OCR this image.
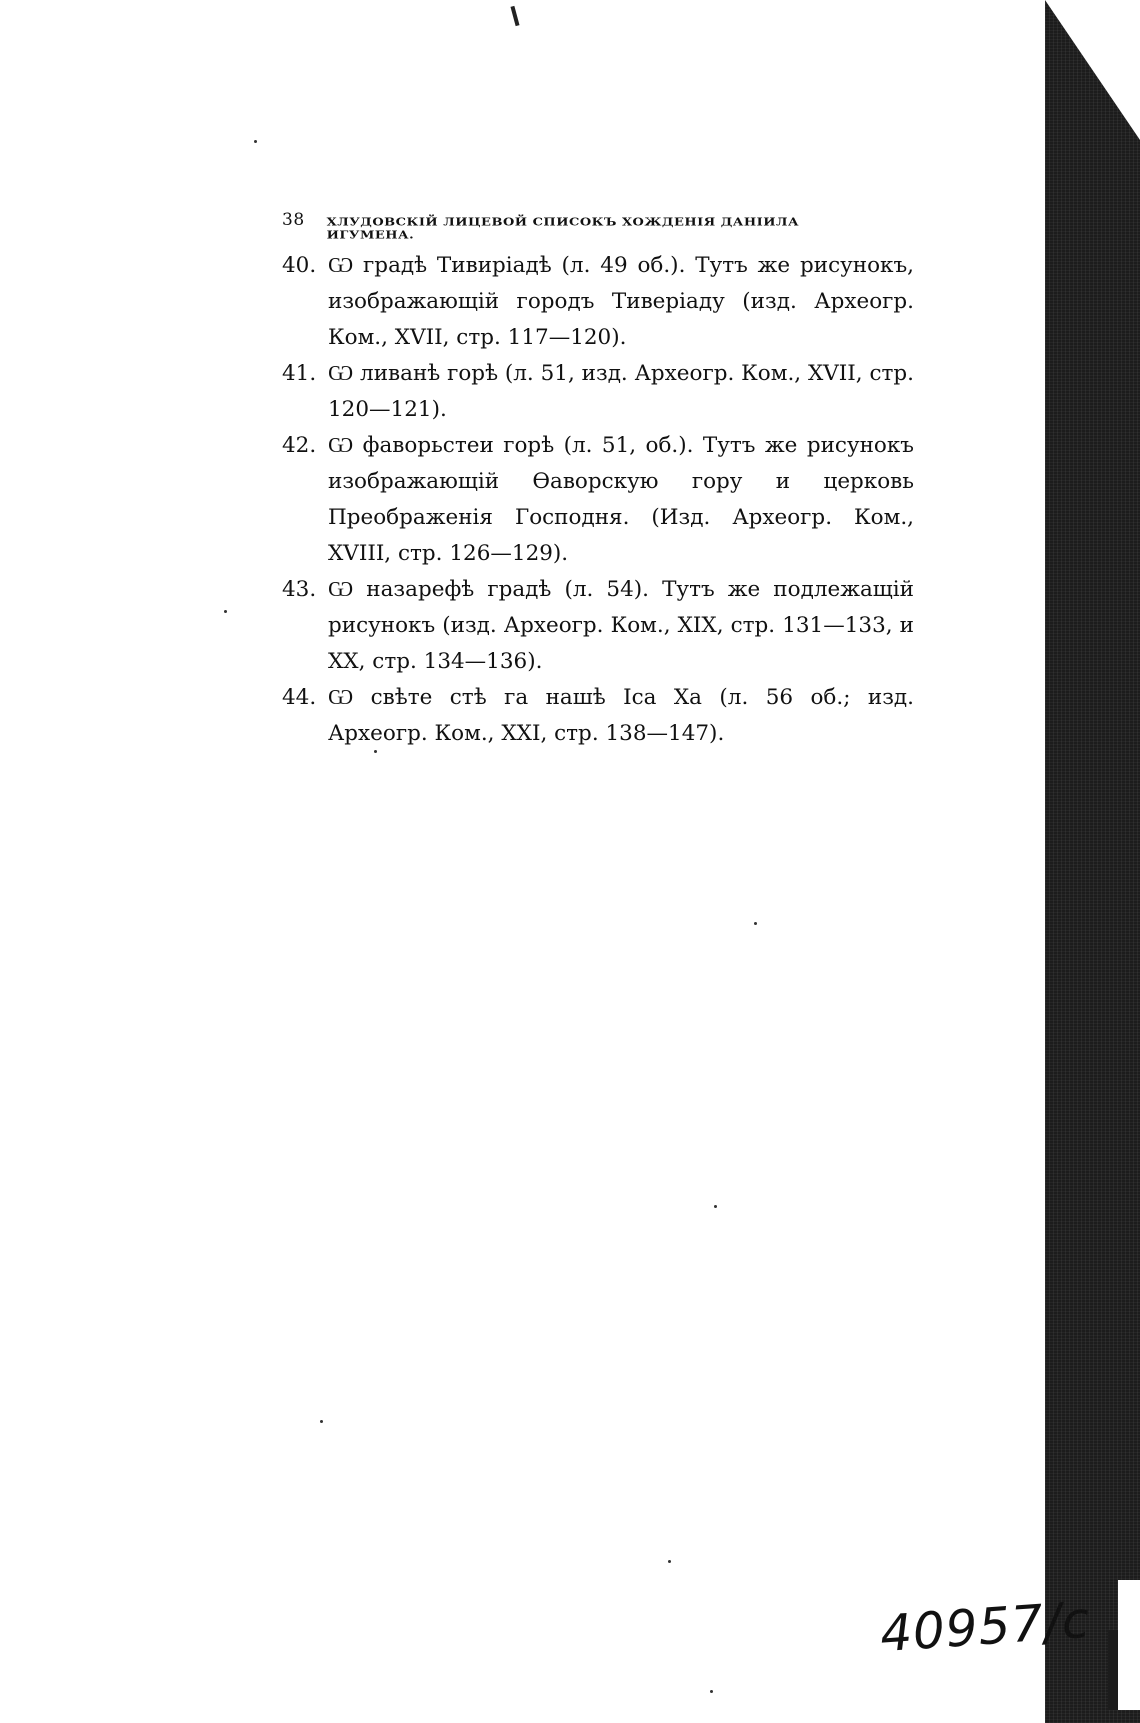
38 ХЛУДОВСКІЙ ЛИЦЕВОЙ СПИСОКЪ ХОЖДЕНІЯ ДАНІИЛА ИГУМЕНА.
40. Ѡ градѣ Тивиріадѣ (л. 49 об.). Тутъ же рисунокъ, изображающій городъ Тиверіаду (изд. Археогр. Ком., XVII, стр. 117—120).
41. Ѡ ливанѣ горѣ (л. 51, изд. Археогр. Ком., XVII, стр. 120—121).
42. Ѡ фаворьстеи горѣ (л. 51, об.). Тутъ же рисунокъ изображающій Ѳаворскую гору и церковь Преображенія Господня. (Изд. Археогр. Ком., XVIII, стр. 126—129).
43. Ѡ назарефѣ градѣ (л. 54). Тутъ же подлежащій рисунокъ (изд. Археогр. Ком., XIX, стр. 131—133, и XX, стр. 134—136).
44. Ѡ свѣте стѣ га нашѣ Іса Ха (л. 56 об.; изд. Археогр. Ком., XXI, стр. 138—147).
40957/c
